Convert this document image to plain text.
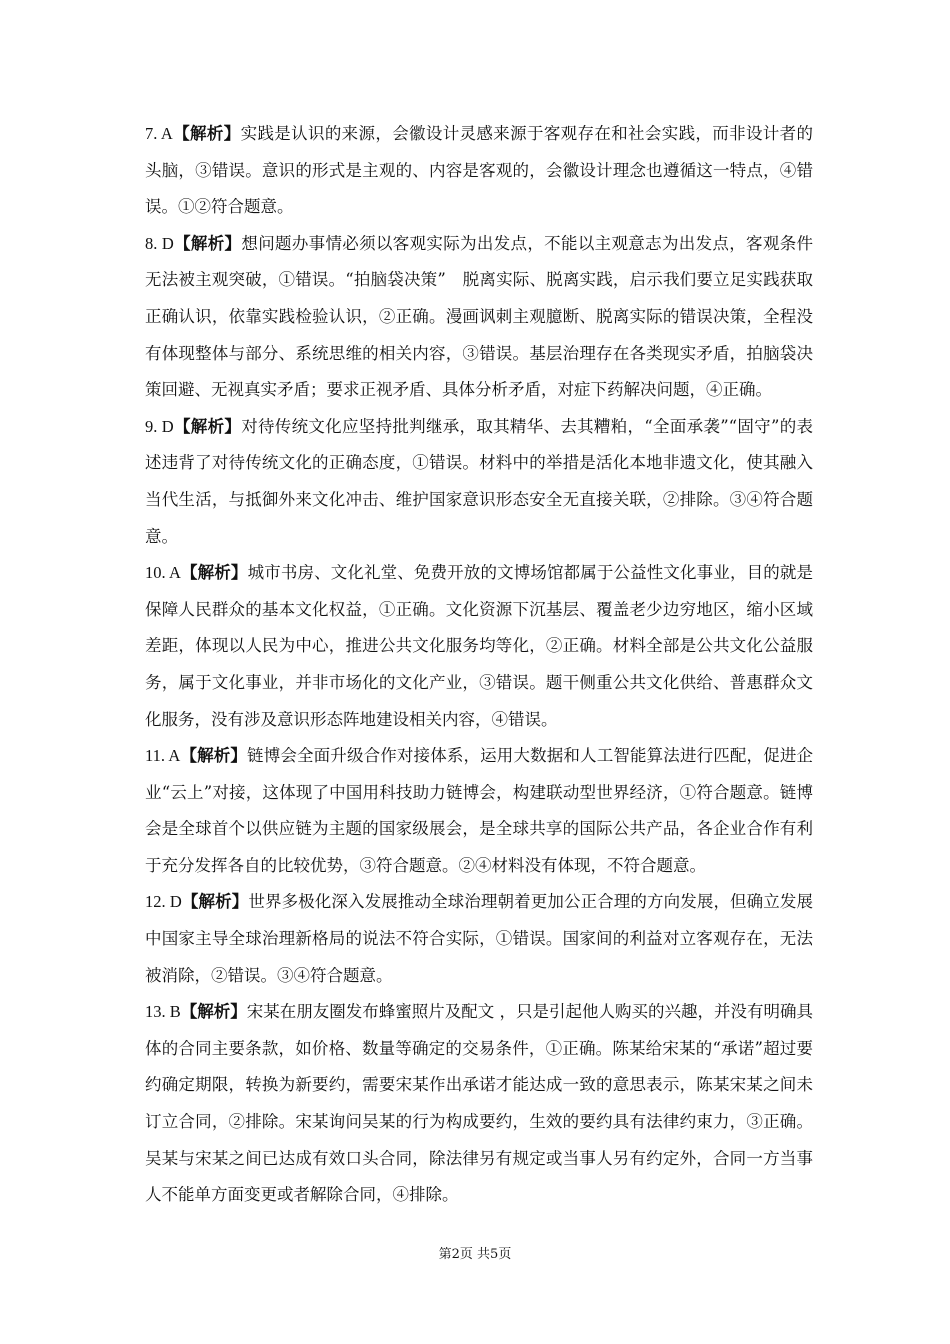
7. A【解析】实践是认识的来源，会徽设计灵感来源于客观存在和社会实践，而非设计者的头脑，③错误。意识的形式是主观的、内容是客观的，会徽设计理念也遵循这一特点，④错误。①②符合题意。

8. D【解析】想问题办事情必须以客观实际为出发点，不能以主观意志为出发点，客观条件无法被主观突破，①错误。“拍脑袋决策”　脱离实际、脱离实践，启示我们要立足实践获取正确认识，依靠实践检验认识，②正确。漫画讽刺主观臆断、脱离实际的错误决策，全程没有体现整体与部分、系统思维的相关内容，③错误。基层治理存在各类现实矛盾，拍脑袋决策回避、无视真实矛盾；要求正视矛盾、具体分析矛盾，对症下药解决问题，④正确。

9. D【解析】对待传统文化应坚持批判继承，取其精华、去其糟粕，“全面承袭”“固守”的表述违背了对待传统文化的正确态度，①错误。材料中的举措是活化本地非遗文化，使其融入当代生活，与抵御外来文化冲击、维护国家意识形态安全无直接关联，②排除。③④符合题意。

10. A【解析】城市书房、文化礼堂、免费开放的文博场馆都属于公益性文化事业，目的就是保障人民群众的基本文化权益，①正确。文化资源下沉基层、覆盖老少边穷地区，缩小区域差距，体现以人民为中心，推进公共文化服务均等化，②正确。材料全部是公共文化公益服务，属于文化事业，并非市场化的文化产业，③错误。题干侧重公共文化供给、普惠群众文化服务，没有涉及意识形态阵地建设相关内容，④错误。

11. A【解析】链博会全面升级合作对接体系，运用大数据和人工智能算法进行匹配，促进企业“云上”对接，这体现了中国用科技助力链博会，构建联动型世界经济，①符合题意。链博会是全球首个以供应链为主题的国家级展会，是全球共享的国际公共产品，各企业合作有利于充分发挥各自的比较优势，③符合题意。②④材料没有体现，不符合题意。

12. D【解析】世界多极化深入发展推动全球治理朝着更加公正合理的方向发展，但确立发展中国家主导全球治理新格局的说法不符合实际，①错误。国家间的利益对立客观存在，无法被消除，②错误。③④符合题意。

13. B【解析】宋某在朋友圈发布蜂蜜照片及配文 ，只是引起他人购买的兴趣，并没有明确具体的合同主要条款，如价格、数量等确定的交易条件，①正确。陈某给宋某的“承诺”超过要约确定期限，转换为新要约，需要宋某作出承诺才能达成一致的意思表示，陈某宋某之间未订立合同，②排除。宋某询问吴某的行为构成要约，生效的要约具有法律约束力，③正确。吴某与宋某之间已达成有效口头合同，除法律另有规定或当事人另有约定外，合同一方当事人不能单方面变更或者解除合同，④排除。

第2页 共5页
